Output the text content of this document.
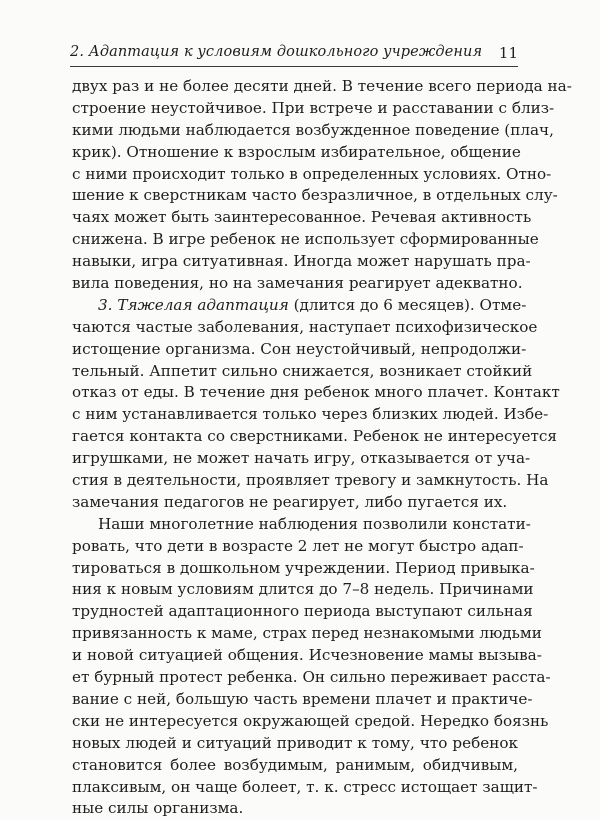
2. Адаптация к условиям дошкольного учреждения 11
двух раз и не более десяти дней. В течение всего периода на-
строение неустойчивое. При встрече и расставании с близ-
кими людьми наблюдается возбужденное поведение (плач,
крик). Отношение к взрослым избирательное, общение
с ними происходит только в определенных условиях. Отно-
шение к сверстникам часто безразличное, в отдельных слу-
чаях может быть заинтересованное. Речевая активность
снижена. В игре ребенок не использует сформированные
навыки, игра ситуативная. Иногда может нарушать пра-
вила поведения, но на замечания реагирует адекватно.
3. Тяжелая адаптация (длится до 6 месяцев). Отме-
чаются частые заболевания, наступает психофизическое
истощение организма. Сон неустойчивый, непродолжи-
тельный. Аппетит сильно снижается, возникает стойкий
отказ от еды. В течение дня ребенок много плачет. Контакт
с ним устанавливается только через близких людей. Избе-
гается контакта со сверстниками. Ребенок не интересуется
игрушками, не может начать игру, отказывается от уча-
стия в деятельности, проявляет тревогу и замкнутость. На
замечания педагогов не реагирует, либо пугается их.
Наши многолетние наблюдения позволили констати-
ровать, что дети в возрасте 2 лет не могут быстро адап-
тироваться в дошкольном учреждении. Период привыка-
ния к новым условиям длится до 7–8 недель. Причинами
трудностей адаптационного периода выступают сильная
привязанность к маме, страх перед незнакомыми людьми
и новой ситуацией общения. Исчезновение мамы вызыва-
ет бурный протест ребенка. Он сильно переживает расста-
вание с ней, большую часть времени плачет и практиче-
ски не интересуется окружающей средой. Нередко боязнь
новых людей и ситуаций приводит к тому, что ребенок
становится более возбудимым, ранимым, обидчивым,
плаксивым, он чаще болеет, т. к. стресс истощает защит-
ные силы организма.
